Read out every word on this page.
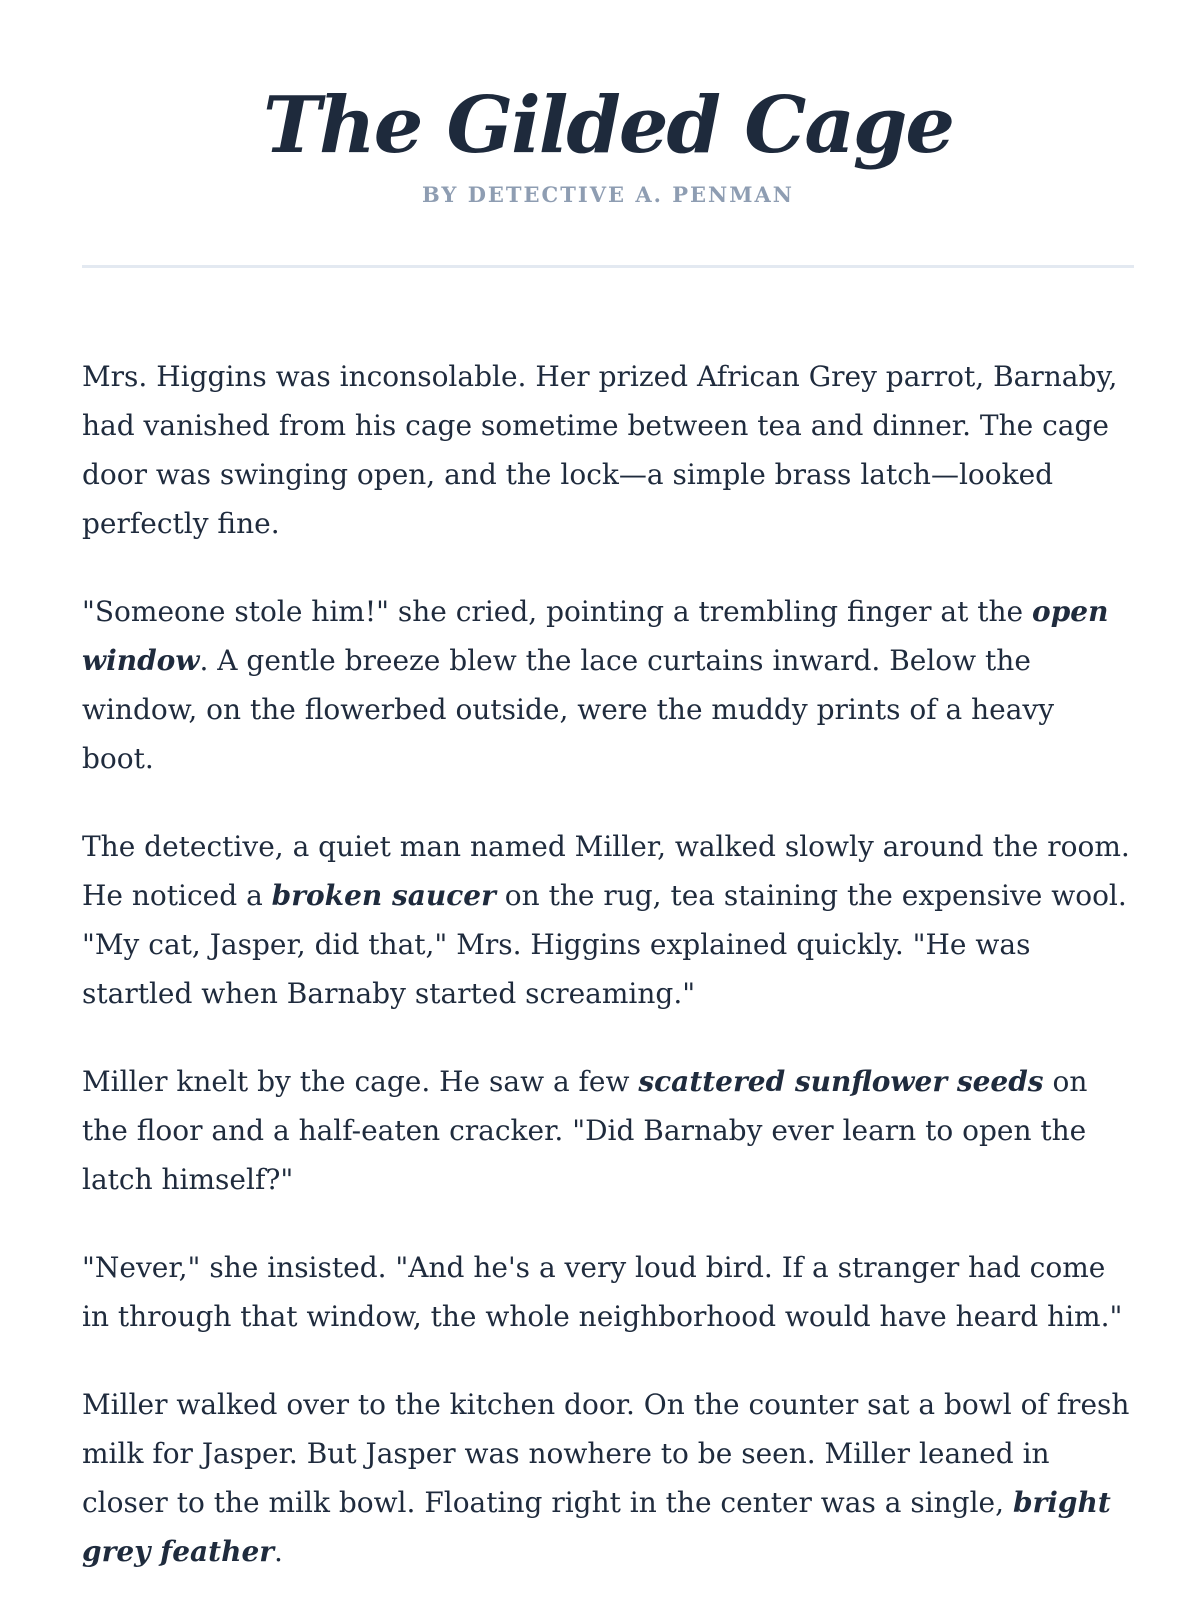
The Gilded Cage
BY DETECTIVE A. PENMAN

Mrs. Higgins was inconsolable. Her prized African Grey parrot, Barnaby, had vanished from his cage sometime between tea and dinner. The cage door was swinging open, and the lock—a simple brass latch—looked perfectly fine.

"Someone stole him!" she cried, pointing a trembling finger at the open window. A gentle breeze blew the lace curtains inward. Below the window, on the flowerbed outside, were the muddy prints of a heavy boot.

The detective, a quiet man named Miller, walked slowly around the room. He noticed a broken saucer on the rug, tea staining the expensive wool. "My cat, Jasper, did that," Mrs. Higgins explained quickly. "He was startled when Barnaby started screaming."

Miller knelt by the cage. He saw a few scattered sunflower seeds on the floor and a half-eaten cracker. "Did Barnaby ever learn to open the latch himself?"

"Never," she insisted. "And he's a very loud bird. If a stranger had come in through that window, the whole neighborhood would have heard him."

Miller walked over to the kitchen door. On the counter sat a bowl of fresh milk for Jasper. But Jasper was nowhere to be seen. Miller leaned in closer to the milk bowl. Floating right in the center was a single, bright grey feather.
